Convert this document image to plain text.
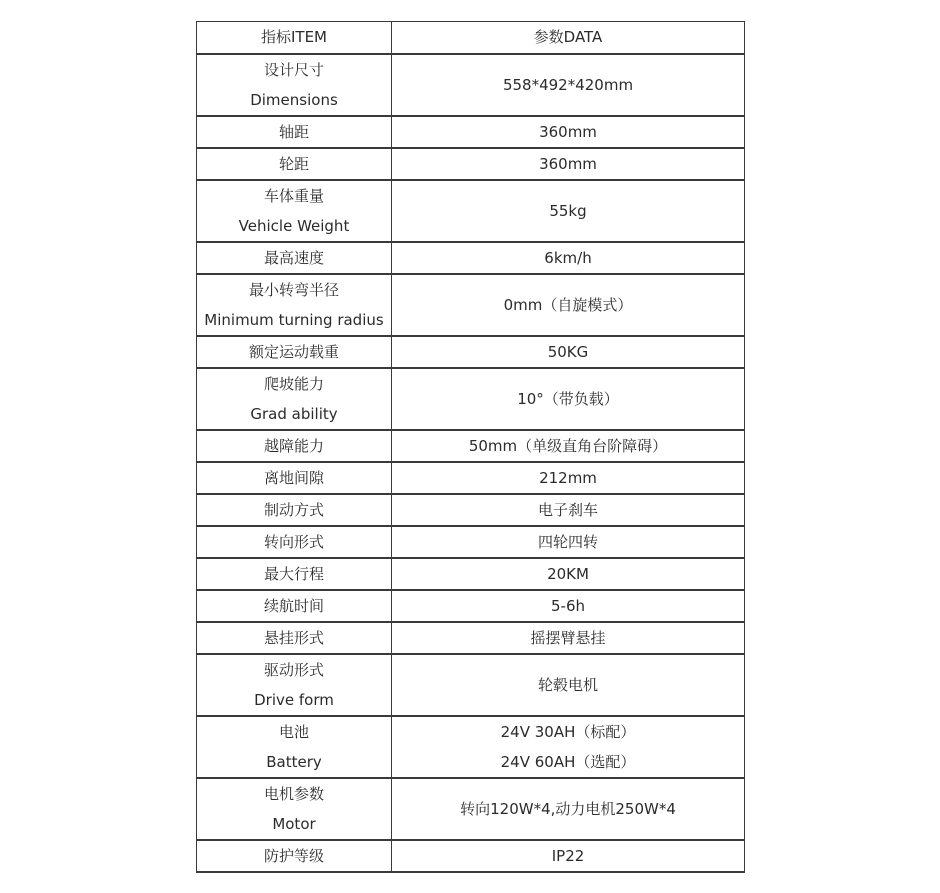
指标ITEM	参数DATA

设计尺寸
Dimensions	558*492*420mm

轴距	360mm

轮距	360mm

车体重量
Vehicle Weight	55kg

最高速度	6km/h

最小转弯半径
Minimum turning radius	0mm（自旋模式）

额定运动载重	50KG

爬坡能力
Grad ability	10°（带负载）

越障能力	50mm（单级直角台阶障碍）

离地间隙	212mm

制动方式	电子刹车

转向形式	四轮四转

最大行程	20KM

续航时间	5-6h

悬挂形式	摇摆臂悬挂

驱动形式
Drive form	轮毂电机

电池
Battery	24V 30AH（标配）
24V 60AH（选配）

电机参数
Motor	转向120W*4,动力电机250W*4

防护等级	IP22
